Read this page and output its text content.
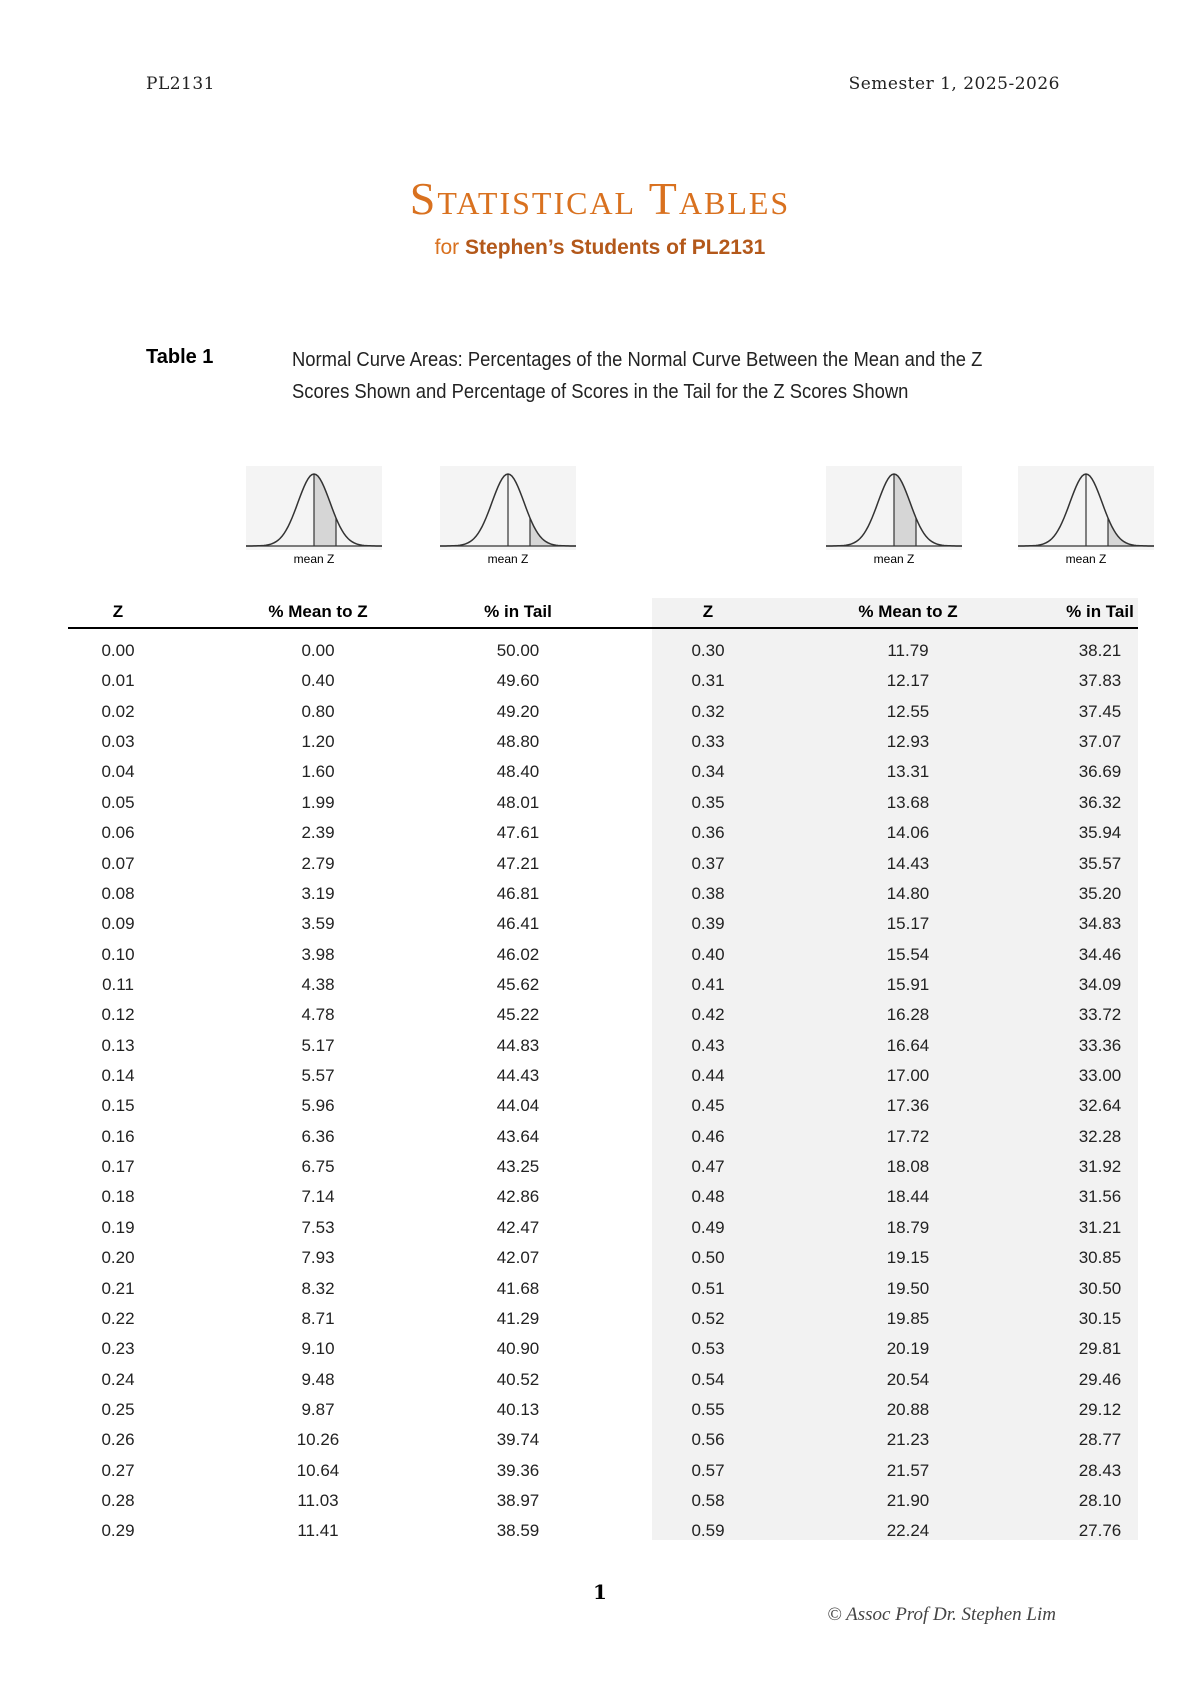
PL2131	Semester 1, 2025-2026
Statistical Tables
for Stephen’s Students of PL2131
Table 1	Normal Curve Areas: Percentages of the Normal Curve Between the Mean and the Z Scores Shown and Percentage of Scores in the Tail for the Z Scores Shown
mean Z	mean Z	mean Z	mean Z
Z	% Mean to Z	% in Tail	Z	% Mean to Z	% in Tail
0.00	0.00	50.00	0.30	11.79	38.21
0.01	0.40	49.60	0.31	12.17	37.83
0.02	0.80	49.20	0.32	12.55	37.45
0.03	1.20	48.80	0.33	12.93	37.07
0.04	1.60	48.40	0.34	13.31	36.69
0.05	1.99	48.01	0.35	13.68	36.32
0.06	2.39	47.61	0.36	14.06	35.94
0.07	2.79	47.21	0.37	14.43	35.57
0.08	3.19	46.81	0.38	14.80	35.20
0.09	3.59	46.41	0.39	15.17	34.83
0.10	3.98	46.02	0.40	15.54	34.46
0.11	4.38	45.62	0.41	15.91	34.09
0.12	4.78	45.22	0.42	16.28	33.72
0.13	5.17	44.83	0.43	16.64	33.36
0.14	5.57	44.43	0.44	17.00	33.00
0.15	5.96	44.04	0.45	17.36	32.64
0.16	6.36	43.64	0.46	17.72	32.28
0.17	6.75	43.25	0.47	18.08	31.92
0.18	7.14	42.86	0.48	18.44	31.56
0.19	7.53	42.47	0.49	18.79	31.21
0.20	7.93	42.07	0.50	19.15	30.85
0.21	8.32	41.68	0.51	19.50	30.50
0.22	8.71	41.29	0.52	19.85	30.15
0.23	9.10	40.90	0.53	20.19	29.81
0.24	9.48	40.52	0.54	20.54	29.46
0.25	9.87	40.13	0.55	20.88	29.12
0.26	10.26	39.74	0.56	21.23	28.77
0.27	10.64	39.36	0.57	21.57	28.43
0.28	11.03	38.97	0.58	21.90	28.10
0.29	11.41	38.59	0.59	22.24	27.76
1
© Assoc Prof Dr. Stephen Lim
